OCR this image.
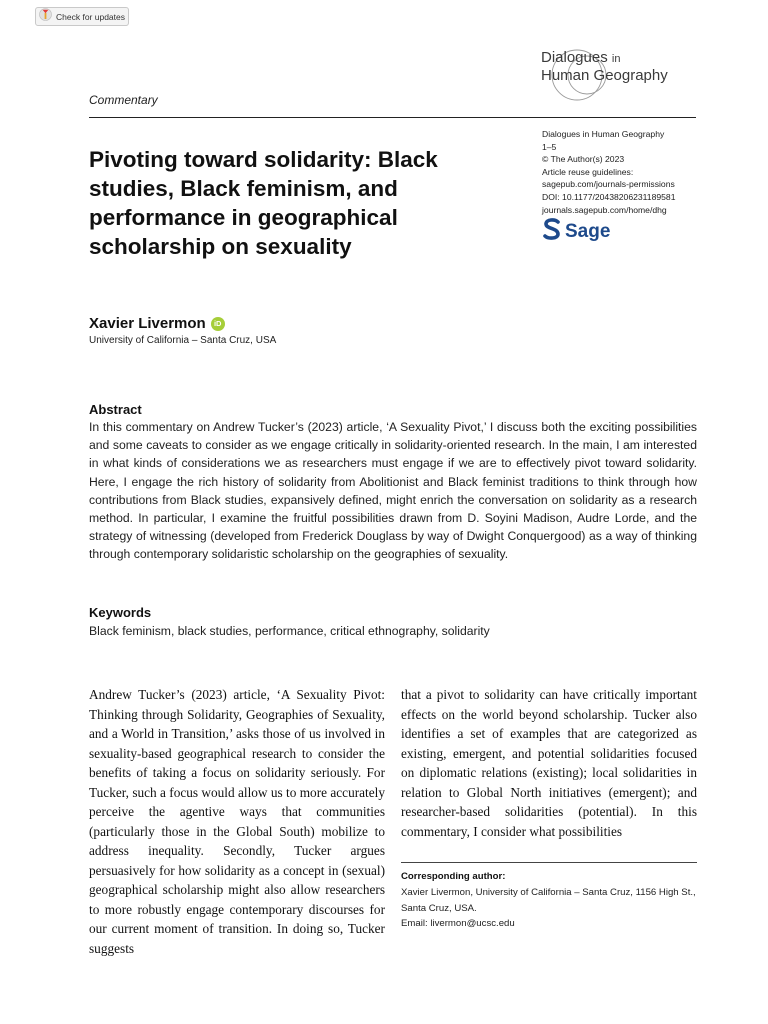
Check for updates
Dialogues in
Human Geography
Commentary
Pivoting toward solidarity: Black studies, Black feminism, and performance in geographical scholarship on sexuality
Dialogues in Human Geography
1–5
© The Author(s) 2023
Article reuse guidelines:
sagepub.com/journals-permissions
DOI: 10.1177/20438206231189581
journals.sagepub.com/home/dhg
Sage
Xavier Livermon	iD
University of California – Santa Cruz, USA
Abstract

In this commentary on Andrew Tucker’s (2023) article, ‘A Sexuality Pivot,’ I discuss both the exciting possibilities and some caveats to consider as we engage critically in solidarity-oriented research. In the main, I am interested in what kinds of considerations we as researchers must engage if we are to effectively pivot toward solidarity. Here, I engage the rich history of solidarity from Abolitionist and Black feminist traditions to think through how contributions from Black studies, expansively defined, might enrich the conversation on solidarity as a research method. In particular, I examine the fruitful possibilities drawn from D. Soyini Madison, Audre Lorde, and the strategy of witnessing (developed from Frederick Douglass by way of Dwight Conquergood) as a way of thinking through contemporary solidaristic scholarship on the geographies of sexuality.

Keywords
Black feminism, black studies, performance, critical ethnography, solidarity

Andrew Tucker’s (2023) article, ‘A Sexuality Pivot: Thinking through Solidarity, Geographies of Sexuality, and a World in Transition,’ asks those of us involved in sexuality-based geographical research to consider the benefits of taking a focus on solidarity seriously. For Tucker, such a focus would allow us to more accurately perceive the agentive ways that communities (particularly those in the Global South) mobilize to address inequality. Secondly, Tucker argues persuasively for how solidarity as a concept in (sexual) geographical scholarship might also allow researchers to more robustly engage contemporary discourses for our current moment of transition. In doing so, Tucker suggests

that a pivot to solidarity can have critically important effects on the world beyond scholarship. Tucker also identifies a set of examples that are categorized as existing, emergent, and potential solidarities focused on diplomatic relations (existing); local solidarities in relation to Global North initiatives (emergent); and researcher-based solidarities (potential). In this commentary, I consider what possibilities

Corresponding author:
Xavier Livermon, University of California – Santa Cruz, 1156 High St., Santa Cruz, USA.
Email: livermon@ucsc.edu
